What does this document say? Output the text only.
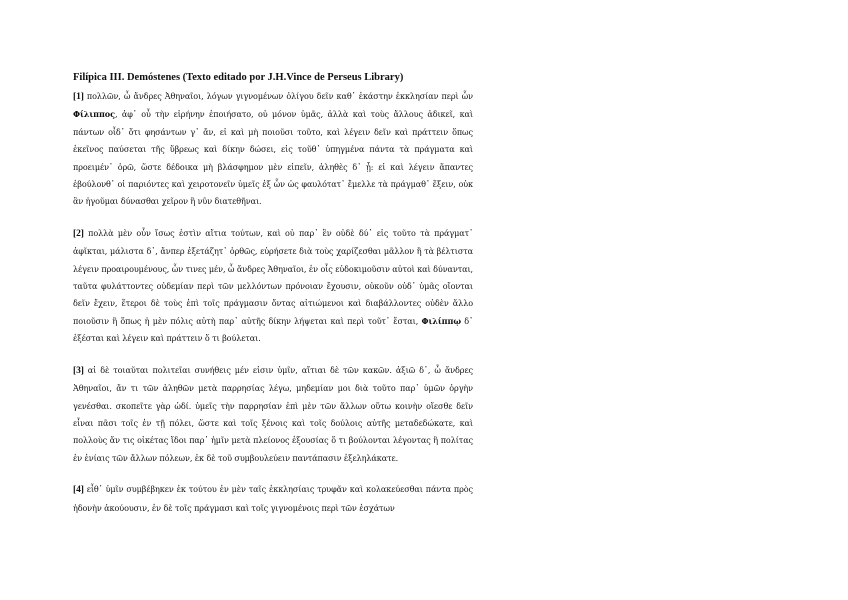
Filípica III. Demóstenes (Texto editado por J.H.Vince de Perseus Library)

[1] πολλῶν, ὦ ἄνδρες Ἀθηναῖοι, λόγων γιγνομένων ὀλίγου δεῖν καθ᾽ ἑκάστην ἐκκλησίαν περὶ ὧν Φίλιππος, ἀφ᾽ οὗ τὴν εἰρήνην ἐποιήσατο, οὐ μόνον ὑμᾶς, ἀλλὰ καὶ τοὺς ἄλλους ἀδικεῖ, καὶ πάντων οἶδ᾽ ὅτι φησάντων γ᾽ ἄν, εἰ καὶ μὴ ποιοῦσι τοῦτο, καὶ λέγειν δεῖν καὶ πράττειν ὅπως ἐκεῖνος παύσεται τῆς ὕβρεως καὶ δίκην δώσει, εἰς τοῦθ᾽ ὑπηγμένα πάντα τὰ πράγματα καὶ προειμέν᾽ ὁρῶ, ὥστε δέδοικα μὴ βλάσφημον μὲν εἰπεῖν, ἀληθὲς δ᾽ ᾖ: εἰ καὶ λέγειν ἅπαντες ἐβούλονθ᾽ οἱ παριόντες καὶ χειροτονεῖν ὑμεῖς ἐξ ὧν ὡς φαυλότατ᾽ ἔμελλε τὰ πράγμαθ᾽ ἕξειν, οὐκ ἂν ἡγοῦμαι δύνασθαι χεῖρον ἢ νῦν διατεθῆναι.

[2] πολλὰ μὲν οὖν ἴσως ἐστὶν αἴτια τούτων, καὶ οὐ παρ᾽ ἓν οὐδὲ δύ᾽ εἰς τοῦτο τὰ πράγματ᾽ ἀφῖκται, μάλιστα δ᾽, ἄνπερ ἐξετάζητ᾽ ὀρθῶς, εὑρήσετε διὰ τοὺς χαρίζεσθαι μᾶλλον ἢ τὰ βέλτιστα λέγειν προαιρουμένους, ὧν τινες μέν, ὦ ἄνδρες Ἀθηναῖοι, ἐν οἷς εὐδοκιμοῦσιν αὐτοὶ καὶ δύνανται, ταῦτα φυλάττοντες οὐδεμίαν περὶ τῶν μελλόντων πρόνοιαν ἔχουσιν, οὐκοῦν οὐδ᾽ ὑμᾶς οἴονται δεῖν ἔχειν, ἕτεροι δὲ τοὺς ἐπὶ τοῖς πράγμασιν ὄντας αἰτιώμενοι καὶ διαβάλλοντες οὐδὲν ἄλλο ποιοῦσιν ἢ ὅπως ἡ μὲν πόλις αὐτὴ παρ᾽ αὑτῆς δίκην λήψεται καὶ περὶ τοῦτ᾽ ἔσται, Φιλίππῳ δ᾽ ἐξέσται καὶ λέγειν καὶ πράττειν ὅ τι βούλεται.

[3] αἱ δὲ τοιαῦται πολιτεῖαι συνήθεις μέν εἰσιν ὑμῖν, αἴτιαι δὲ τῶν κακῶν. ἀξιῶ δ᾽, ὦ ἄνδρες Ἀθηναῖοι, ἄν τι τῶν ἀληθῶν μετὰ παρρησίας λέγω, μηδεμίαν μοι διὰ τοῦτο παρ᾽ ὑμῶν ὀργὴν γενέσθαι. σκοπεῖτε γὰρ ὡδί. ὑμεῖς τὴν παρρησίαν ἐπὶ μὲν τῶν ἄλλων οὕτω κοινὴν οἴεσθε δεῖν εἶναι πᾶσι τοῖς ἐν τῇ πόλει, ὥστε καὶ τοῖς ξένοις καὶ τοῖς δούλοις αὐτῆς μεταδεδώκατε, καὶ πολλοὺς ἄν τις οἰκέτας ἴδοι παρ᾽ ἡμῖν μετὰ πλείονος ἐξουσίας ὅ τι βούλονται λέγοντας ἢ πολίτας ἐν ἐνίαις τῶν ἄλλων πόλεων, ἐκ δὲ τοῦ συμβουλεύειν παντάπασιν ἐξεληλάκατε.

[4] εἶθ᾽ ὑμῖν συμβέβηκεν ἐκ τούτου ἐν μὲν ταῖς ἐκκλησίαις τρυφᾶν καὶ κολακεύεσθαι πάντα πρὸς ἡδονὴν ἀκούουσιν, ἐν δὲ τοῖς πράγμασι καὶ τοῖς γιγνομένοις περὶ τῶν ἐσχάτων
